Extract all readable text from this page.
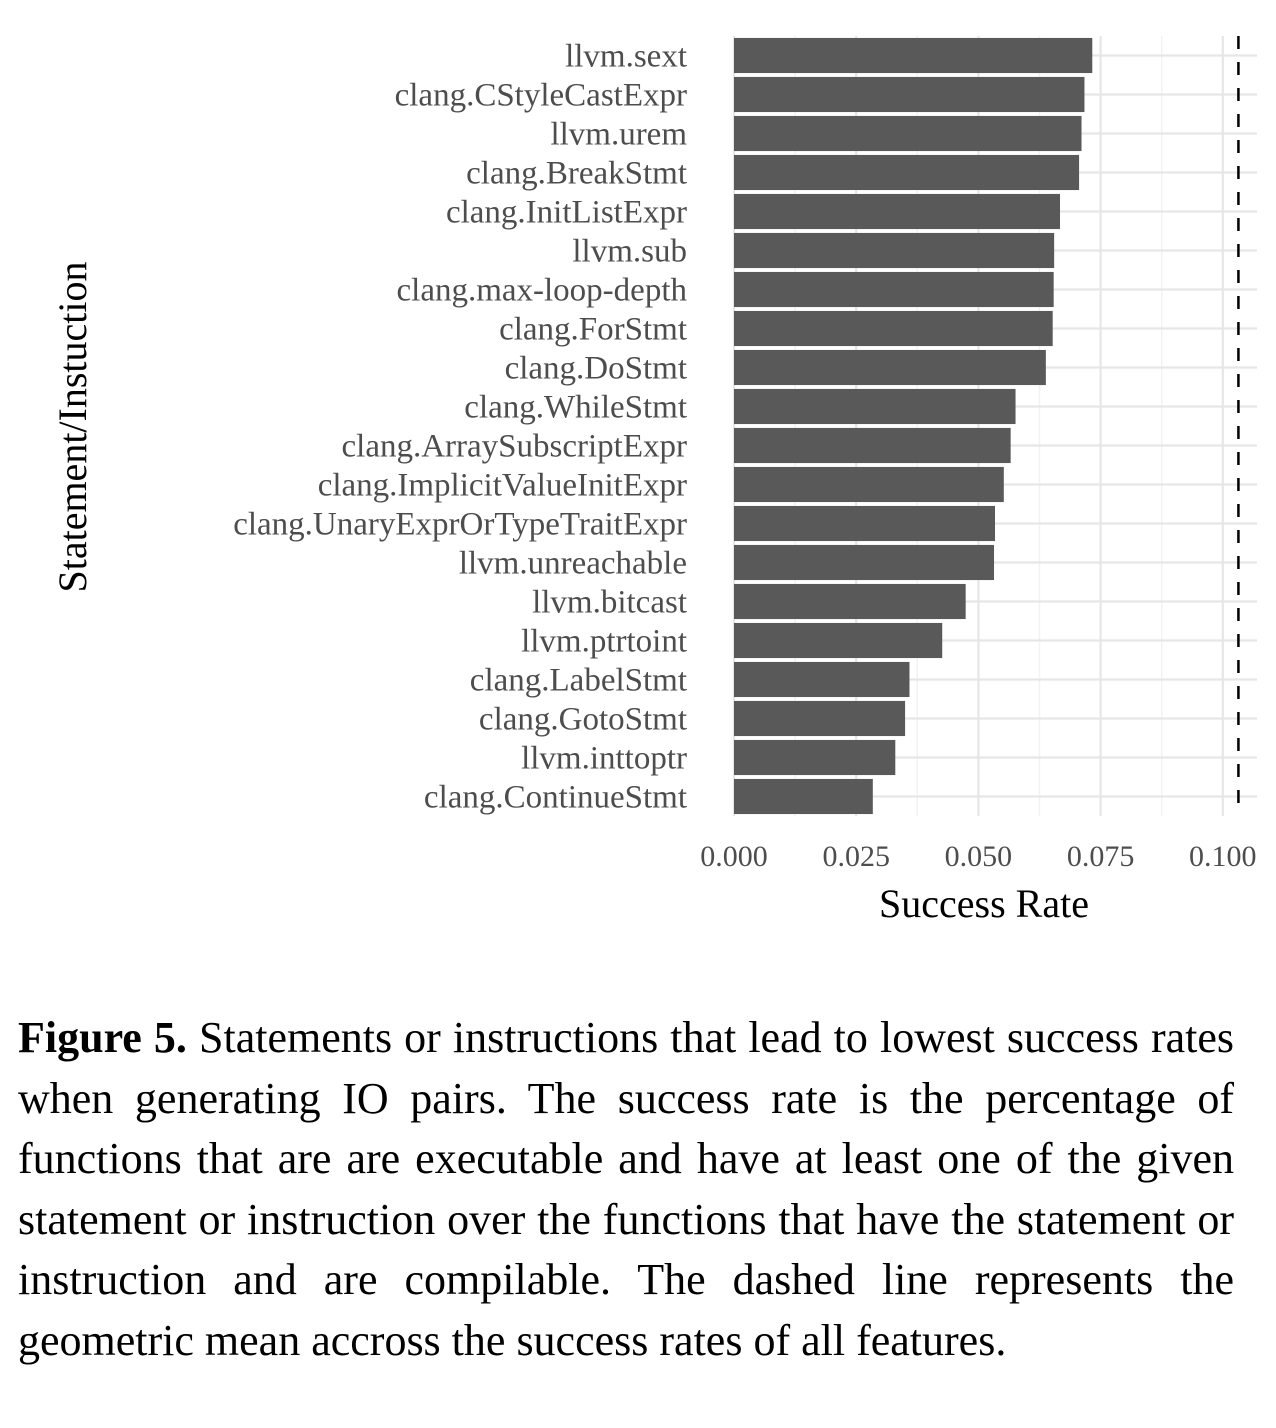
llvm.sext
clang.CStyleCastExpr
llvm.urem
clang.BreakStmt
clang.InitListExpr
llvm.sub
clang.max-loop-depth
clang.ForStmt
clang.DoStmt
clang.WhileStmt
clang.ArraySubscriptExpr
clang.ImplicitValueInitExpr
clang.UnaryExprOrTypeTraitExpr
llvm.unreachable
llvm.bitcast
llvm.ptrtoint
clang.LabelStmt
clang.GotoStmt
llvm.inttoptr
clang.ContinueStmt
0.000 0.025 0.050 0.075 0.100
Success Rate
Statement/Instuction
Figure 5. Statements or instructions that lead to lowest success rates when generating IO pairs. The success rate is the percentage of functions that are are executable and have at least one of the given statement or instruction over the functions that have the statement or instruction and are compilable. The dashed line represents the geometric mean accross the success rates of all features.
